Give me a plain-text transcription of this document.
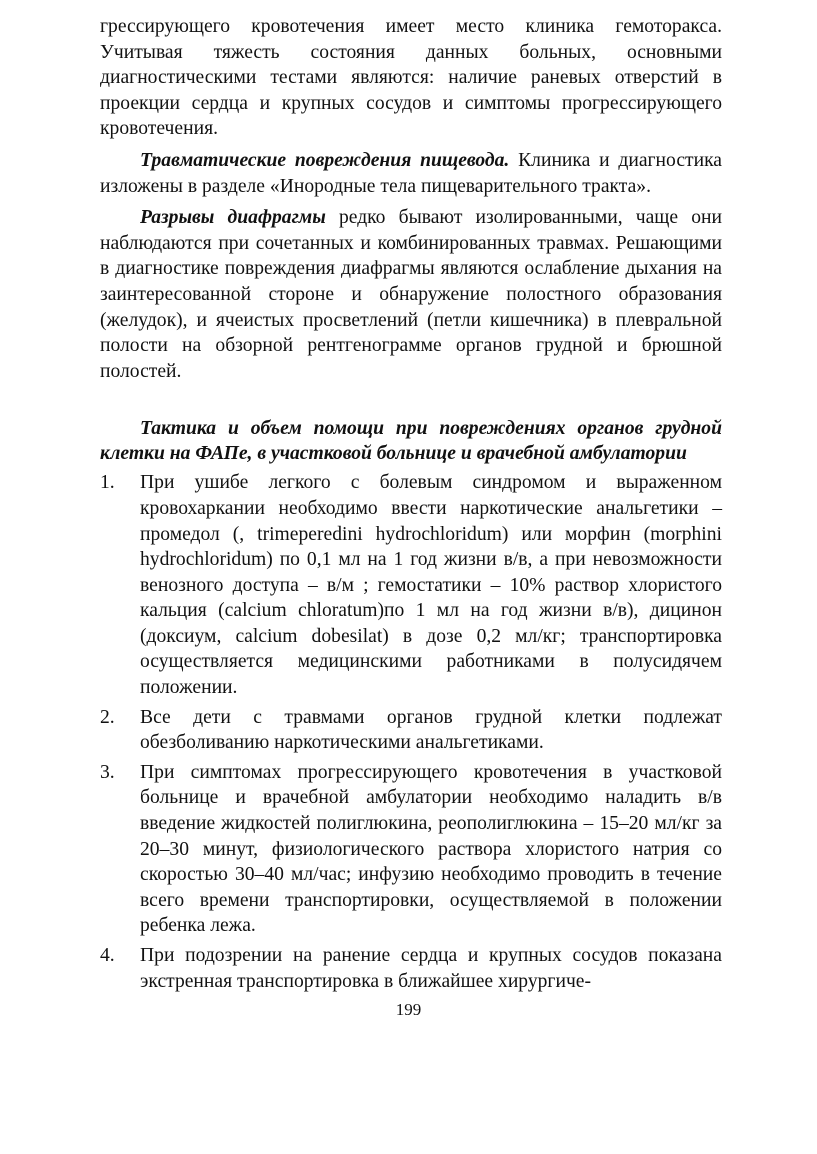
грессирующего кровотечения имеет место клиника гемоторакса. Учитывая тяжесть состояния данных больных, основными диагностическими тестами являются: наличие раневых отверстий в проекции сердца и крупных сосудов и симптомы прогрессирующего кровотечения.

Травматические повреждения пищевода. Клиника и диагностика изложены в разделе «Инородные тела пищеварительного тракта».

Разрывы диафрагмы редко бывают изолированными, чаще они наблюдаются при сочетанных и комбинированных травмах. Решающими в диагностике повреждения диафрагмы являются ослабление дыхания на заинтересованной стороне и обнаружение полостного образования (желудок), и ячеистых просветлений (петли кишечника) в плевральной полости на обзорной рентгенограмме органов грудной и брюшной полостей.

Тактика и объем помощи при повреждениях органов грудной клетки на ФАПе, в участковой больнице и врачебной амбулатории

1.	При ушибе легкого с болевым синдромом и выраженном кровохаркании необходимо ввести наркотические анальгетики – промедол (, trimeperedini hydrochloridum) или морфин (morphini hydrochloridum) по 0,1 мл на 1 год жизни в/в, а при невозможности венозного доступа – в/м ; гемостатики – 10% раствор хлористого кальция (calcium chloratum)по 1 мл на год жизни в/в), дицинон (доксиум, calcium dobesilat) в дозе 0,2 мл/кг; транспортировка осуществляется медицинскими работниками в полусидячем положении.
2.	Все дети с травмами органов грудной клетки подлежат обезболиванию наркотическими анальгетиками.
3.	При симптомах прогрессирующего кровотечения в участковой больнице и врачебной амбулатории необходимо наладить в/в введение жидкостей полиглюкина, реополиглюкина – 15–20 мл/кг за 20–30 минут, физиологического раствора хлористого натрия со скоростью 30–40 мл/час; инфузию необходимо проводить в течение всего времени транспортировки, осуществляемой в положении ребенка лежа.
4.	При подозрении на ранение сердца и крупных сосудов показана экстренная транспортировка в ближайшее хирургиче-
199
